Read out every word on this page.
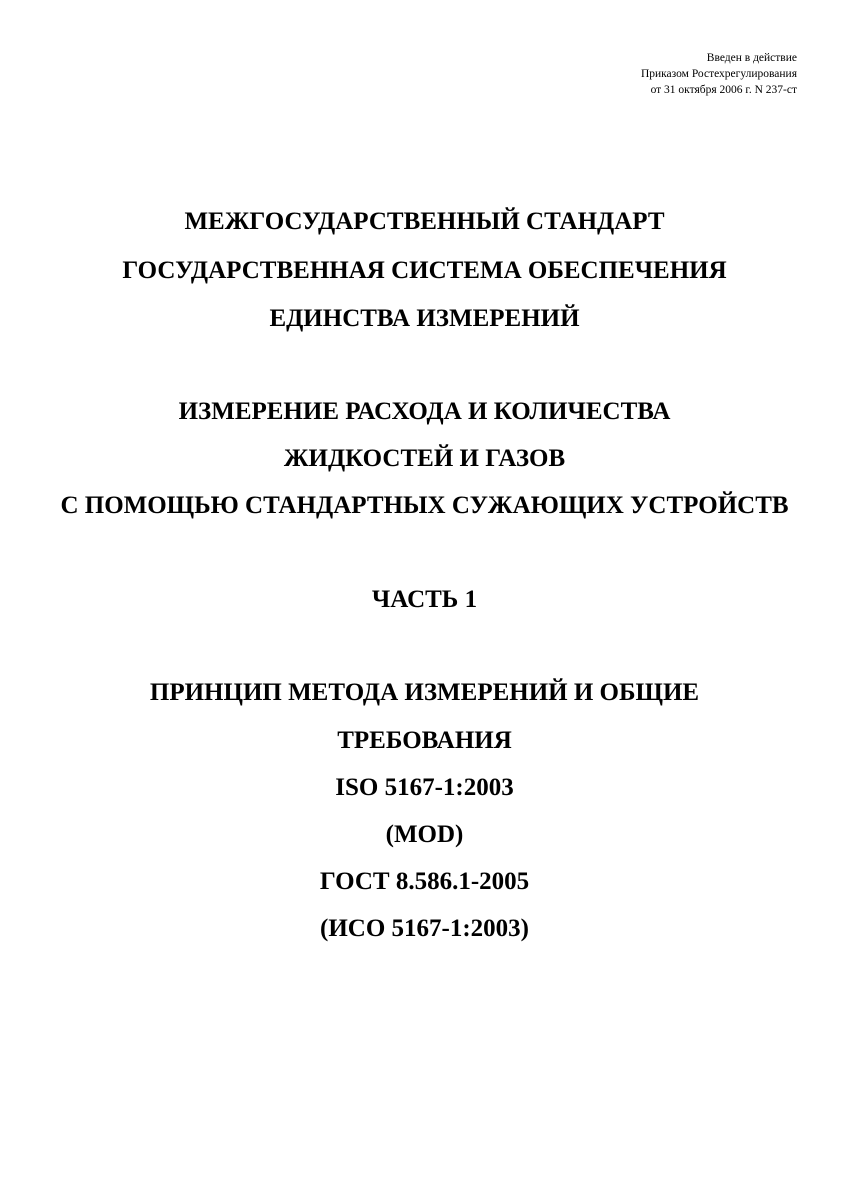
Введен в действие
Приказом Ростехрегулирования
от 31 октября 2006 г. N 237-ст
МЕЖГОСУДАРСТВЕННЫЙ СТАНДАРТ
ГОСУДАРСТВЕННАЯ СИСТЕМА ОБЕСПЕЧЕНИЯ
ЕДИНСТВА ИЗМЕРЕНИЙ
ИЗМЕРЕНИЕ РАСХОДА И КОЛИЧЕСТВА
ЖИДКОСТЕЙ И ГАЗОВ
С ПОМОЩЬЮ СТАНДАРТНЫХ СУЖАЮЩИХ УСТРОЙСТВ
ЧАСТЬ 1
ПРИНЦИП МЕТОДА ИЗМЕРЕНИЙ И ОБЩИЕ
ТРЕБОВАНИЯ
ISO 5167-1:2003
(MOD)
ГОСТ 8.586.1-2005
(ИСО 5167-1:2003)
